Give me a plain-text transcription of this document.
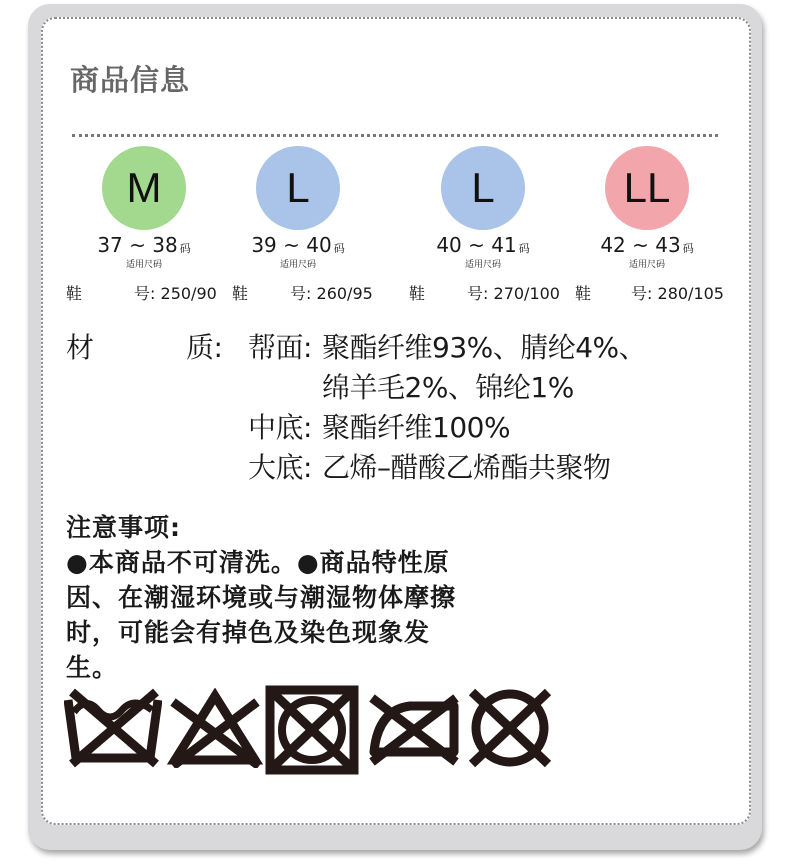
商品信息
M
37 ~ 38 码
适用尺码
L
39 ~ 40 码
适用尺码
L
40 ~ 41 码
适用尺码
LL
42 ~ 43 码
适用尺码
鞋	号: 250/90 鞋	号: 260/95 鞋	号: 270/100 鞋	号: 280/105
材	质: 帮面: 聚酯纤维93%、腈纶4%、
绵羊毛2%、锦纶1%
中底: 聚酯纤维100%
大底: 乙烯–醋酸乙烯酯共聚物
注意事项:
●本商品不可清洗。●商品特性原
因、在潮湿环境或与潮湿物体摩擦
时，可能会有掉色及染色现象发
生。
